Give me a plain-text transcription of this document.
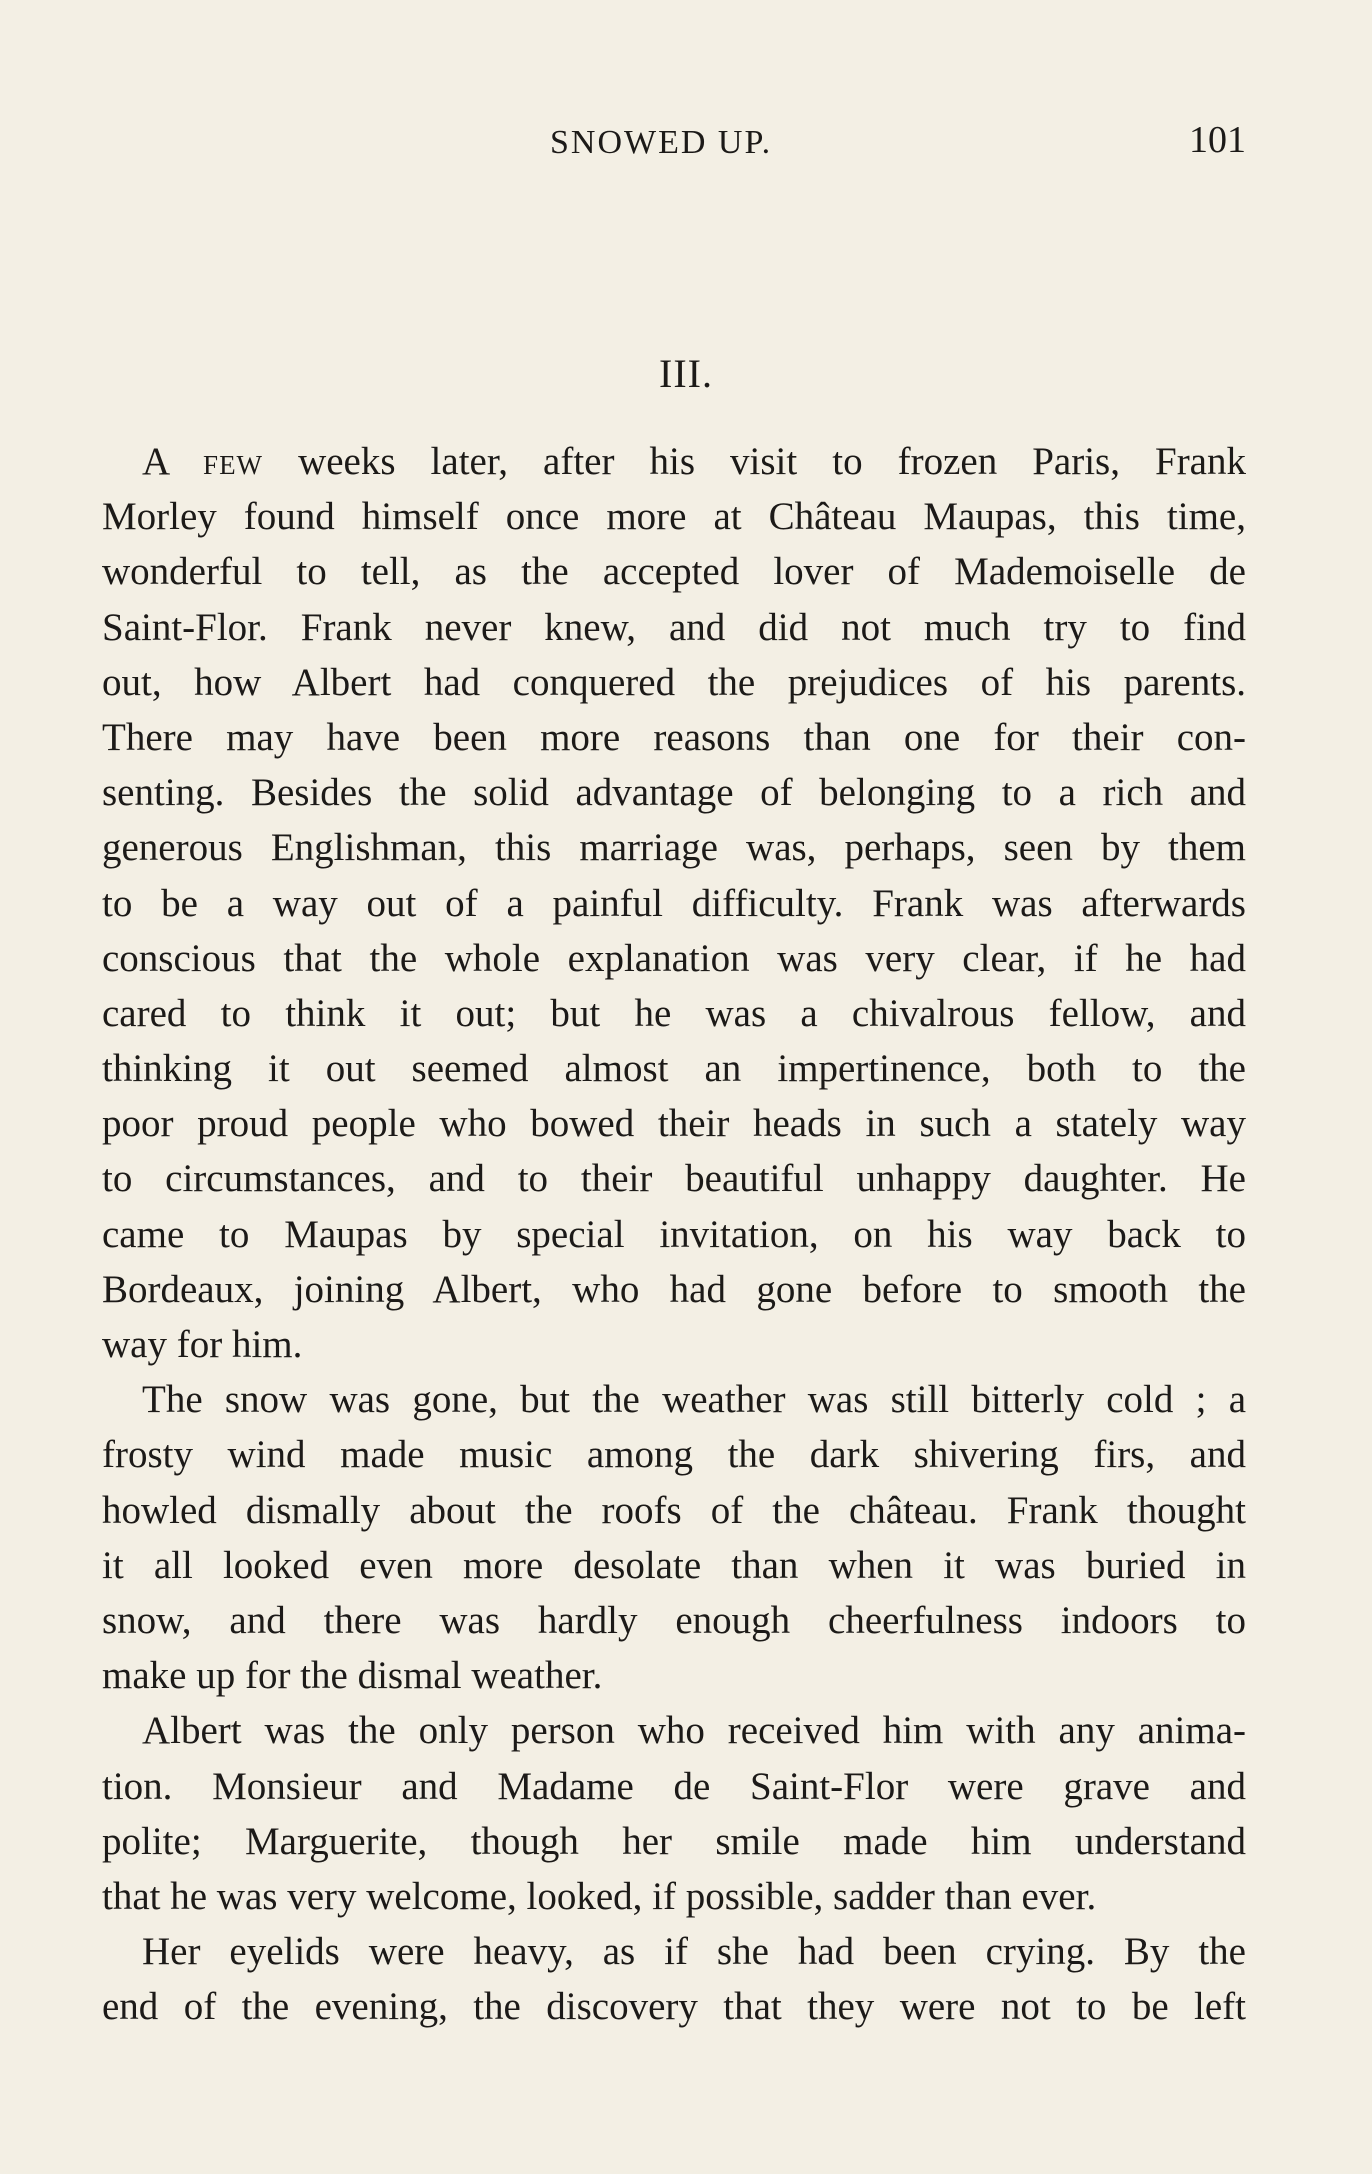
SNOWED UP.	101
III.
A few weeks later, after his visit to frozen Paris, Frank
Morley found himself once more at Château Maupas, this time,
wonderful to tell, as the accepted lover of Mademoiselle de
Saint-Flor. Frank never knew, and did not much try to find
out, how Albert had conquered the prejudices of his parents.
There may have been more reasons than one for their con-
senting. Besides the solid advantage of belonging to a rich and
generous Englishman, this marriage was, perhaps, seen by them
to be a way out of a painful difficulty. Frank was afterwards
conscious that the whole explanation was very clear, if he had
cared to think it out; but he was a chivalrous fellow, and
thinking it out seemed almost an impertinence, both to the
poor proud people who bowed their heads in such a stately way
to circumstances, and to their beautiful unhappy daughter. He
came to Maupas by special invitation, on his way back to
Bordeaux, joining Albert, who had gone before to smooth the
way for him.
The snow was gone, but the weather was still bitterly cold ; a
frosty wind made music among the dark shivering firs, and
howled dismally about the roofs of the château. Frank thought
it all looked even more desolate than when it was buried in
snow, and there was hardly enough cheerfulness indoors to
make up for the dismal weather.
Albert was the only person who received him with any anima-
tion. Monsieur and Madame de Saint-Flor were grave and
polite; Marguerite, though her smile made him understand
that he was very welcome, looked, if possible, sadder than ever.
Her eyelids were heavy, as if she had been crying. By the
end of the evening, the discovery that they were not to be left
